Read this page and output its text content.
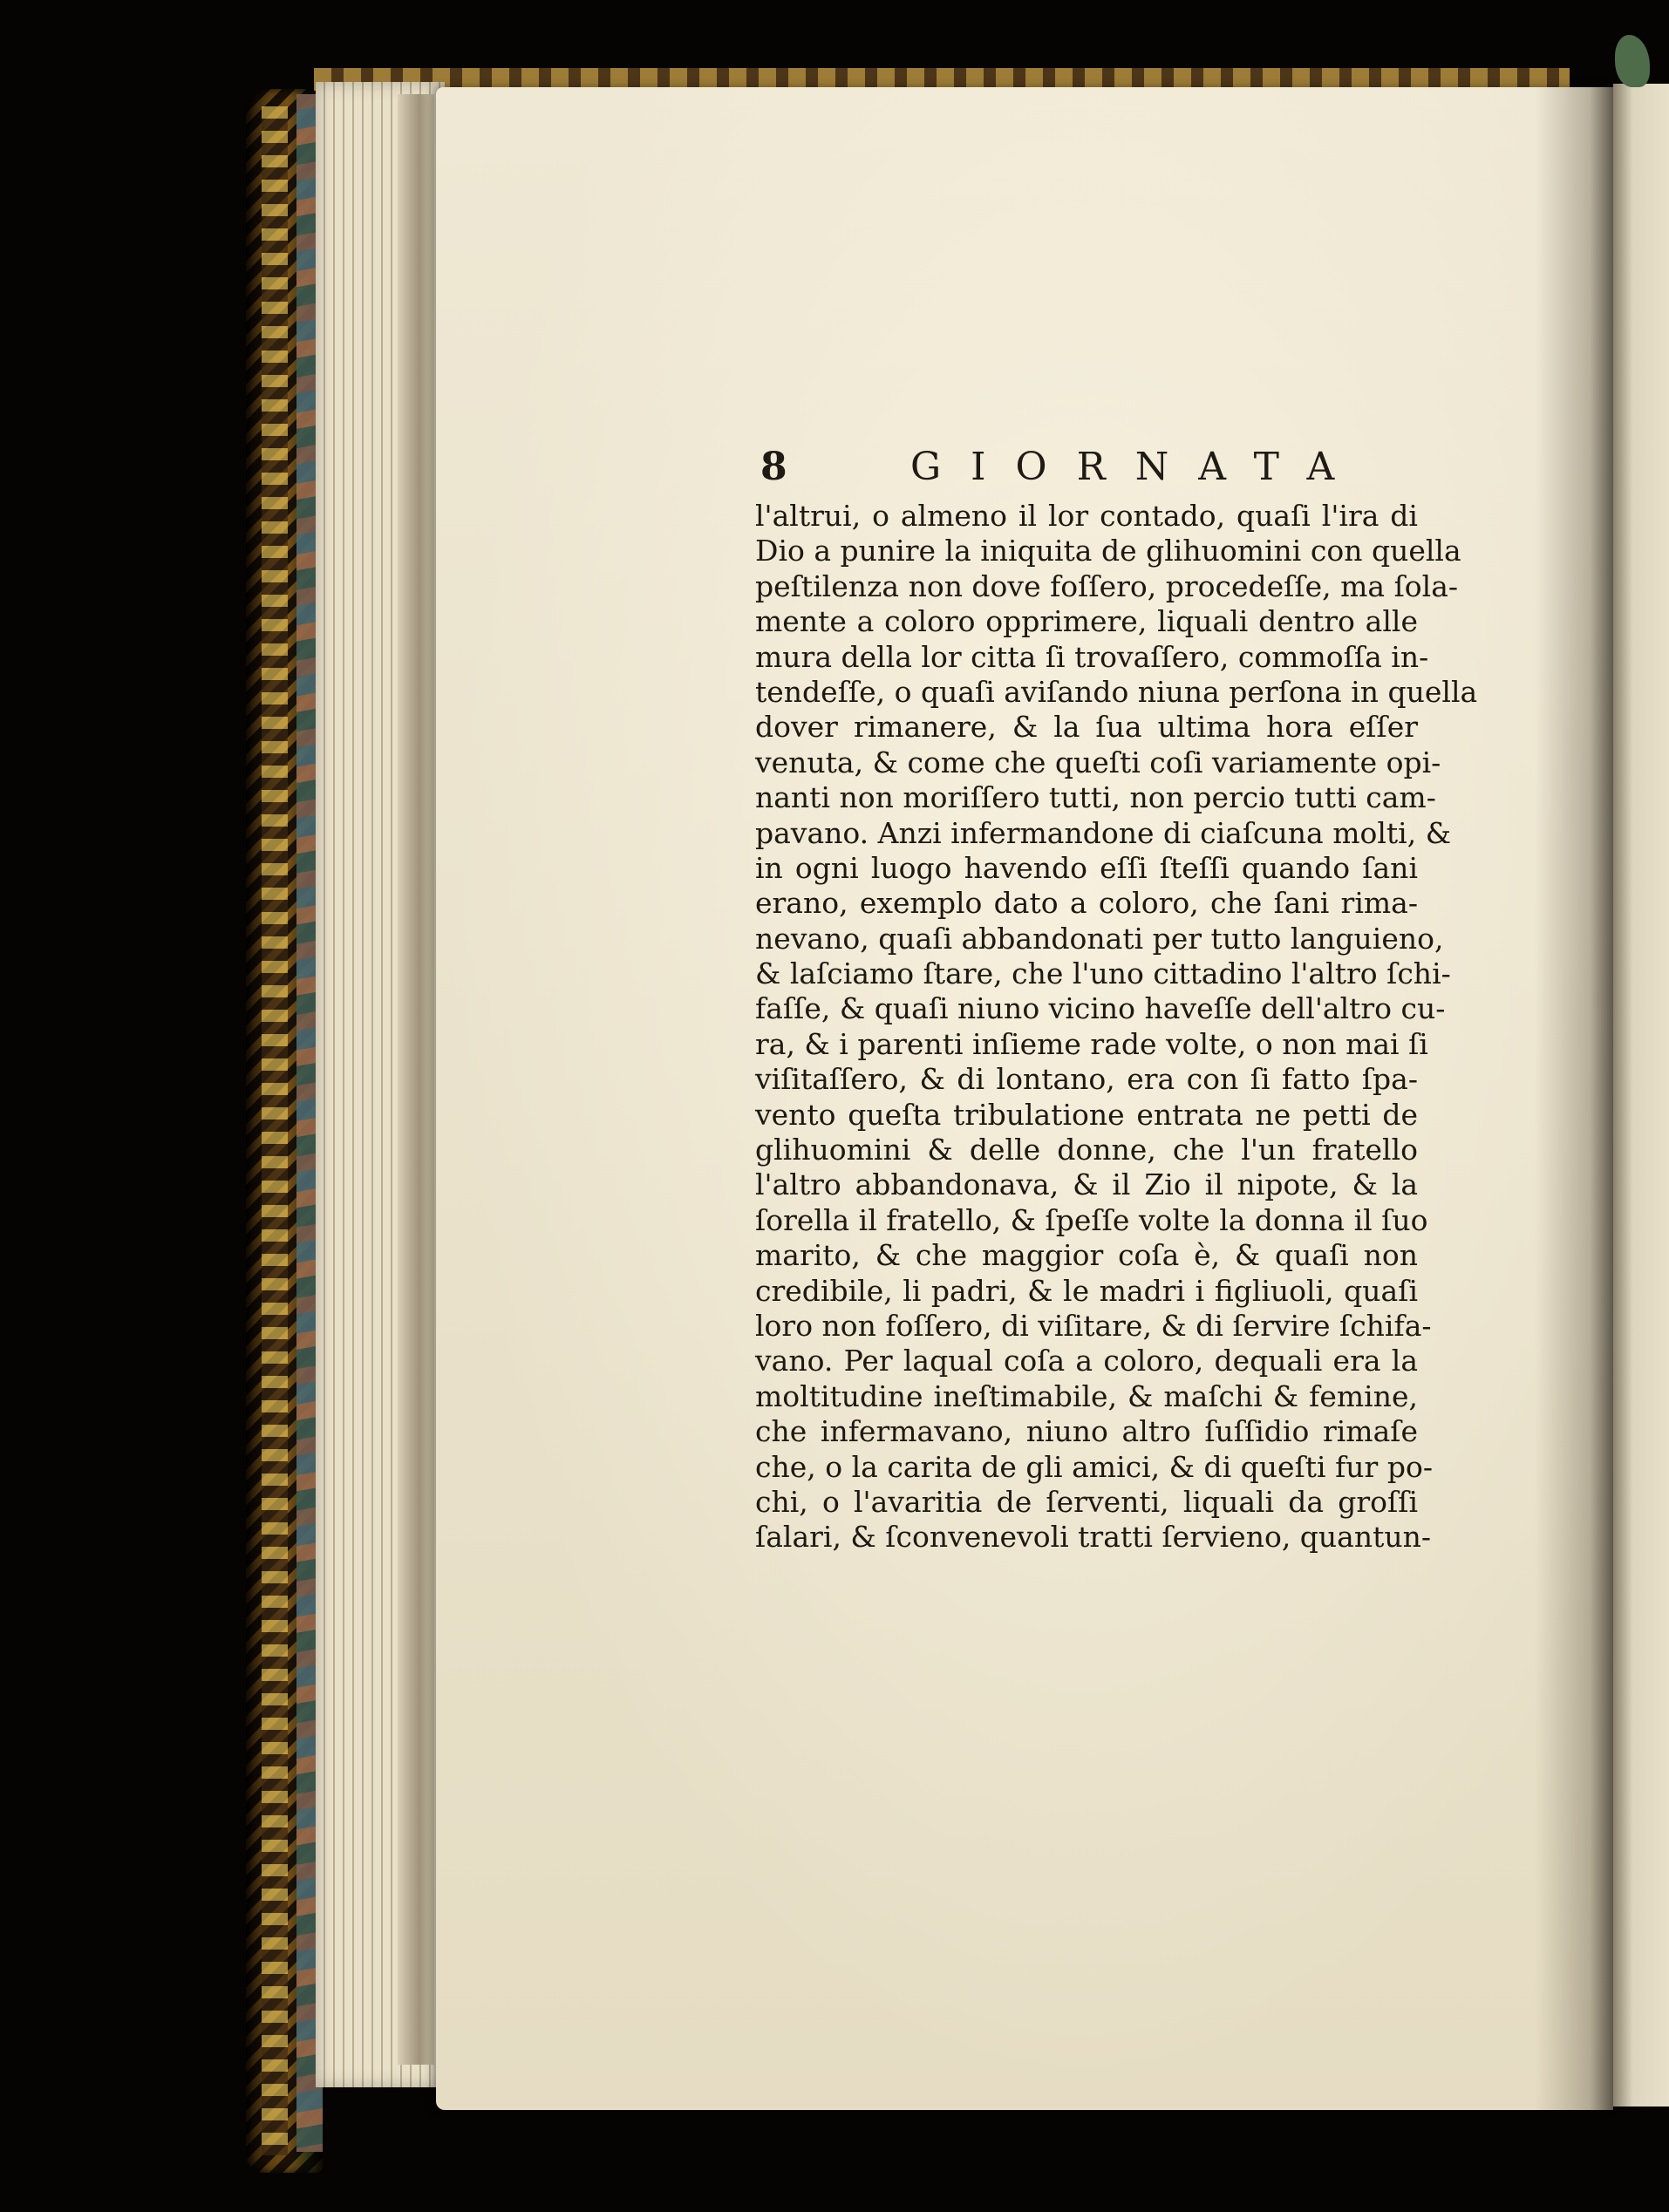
8	GIORNATA
l'altrui, o almeno il lor contado, quaſi l'ira di
Dio a punire la iniquita de glihuomini con quella
peſtilenza non dove foſſero, procedeſſe, ma ſola-
mente a coloro opprimere, liquali dentro alle
mura della lor citta ſi trovaſſero, commoſſa in-
tendeſſe, o quaſi aviſando niuna perſona in quella
dover rimanere, & la ſua ultima hora eſſer
venuta, & come che queſti coſi variamente opi-
nanti non moriſſero tutti, non percio tutti cam-
pavano. Anzi infermandone di ciaſcuna molti, &
in ogni luogo havendo eſſi ſteſſi quando ſani
erano, exemplo dato a coloro, che ſani rima-
nevano, quaſi abbandonati per tutto languieno,
& laſciamo ſtare, che l'uno cittadino l'altro ſchi-
faſſe, & quaſi niuno vicino haveſſe dell'altro cu-
ra, & i parenti inſieme rade volte, o non mai ſi
viſitaſſero, & di lontano, era con ſi fatto ſpa-
vento queſta tribulatione entrata ne petti de
glihuomini & delle donne, che l'un fratello
l'altro abbandonava, & il Zio il nipote, & la
ſorella il fratello, & ſpeſſe volte la donna il ſuo
marito, & che maggior coſa è, & quaſi non
credibile, li padri, & le madri i figliuoli, quaſi
loro non foſſero, di viſitare, & di ſervire ſchifa-
vano. Per laqual coſa a coloro, dequali era la
moltitudine ineſtimabile, & maſchi & femine,
che infermavano, niuno altro ſuſſidio rimaſe
che, o la carita de gli amici, & di queſti fur po-
chi, o l'avaritia de ſerventi, liquali da groſſi
ſalari, & ſconvenevoli tratti ſervieno, quantun-
